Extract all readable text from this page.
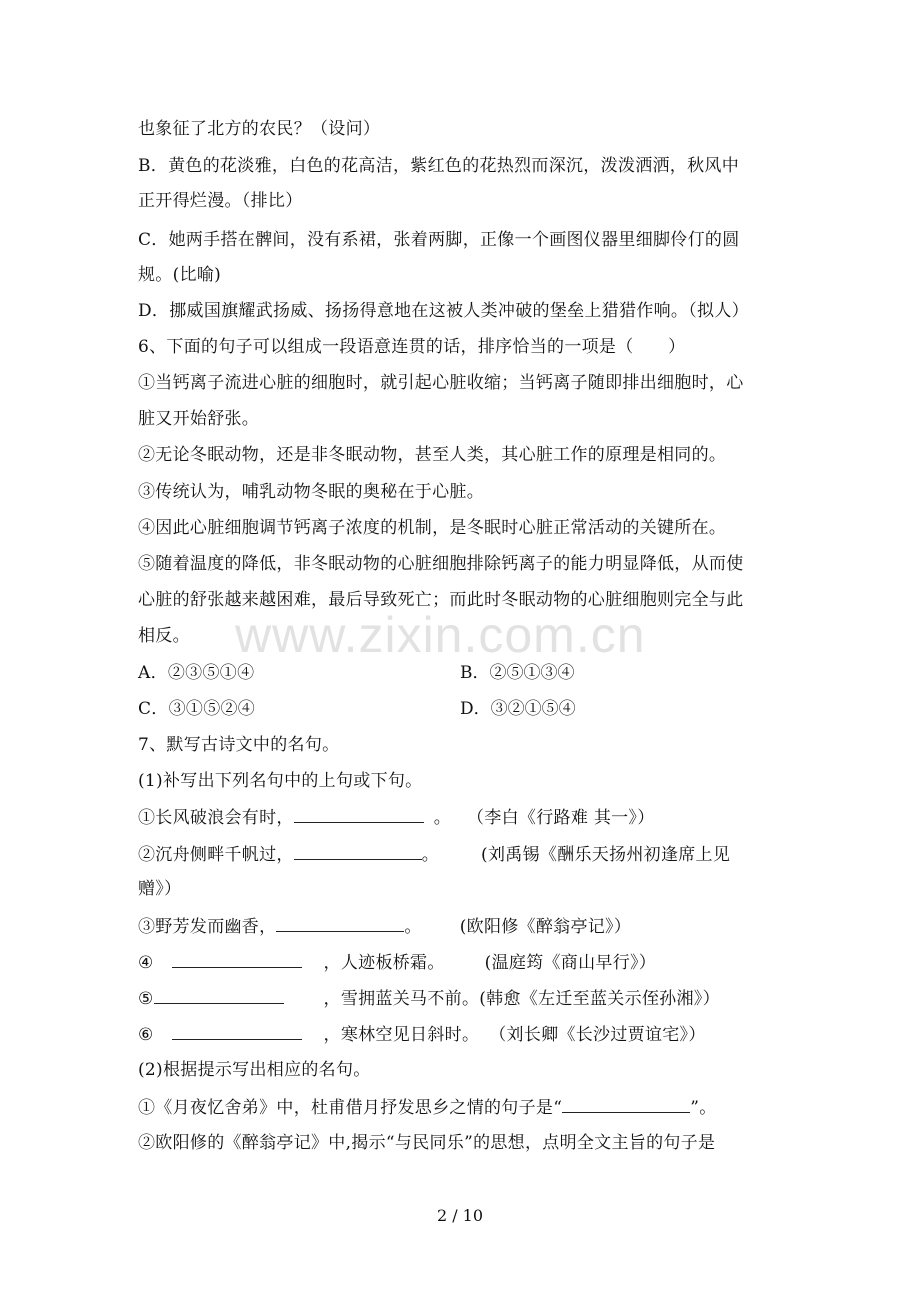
也象征了北方的农民？（设问）
B．黄色的花淡雅，白色的花高洁，紫红色的花热烈而深沉，泼泼洒洒，秋风中
正开得烂漫。（排比）
C．她两手搭在髀间，没有系裙，张着两脚，正像一个画图仪器里细脚伶仃的圆
规。(比喻)
D．挪威国旗耀武扬威、扬扬得意地在这被人类冲破的堡垒上猎猎作响。（拟人）
6、下面的句子可以组成一段语意连贯的话，排序恰当的一项是（　　）
①当钙离子流进心脏的细胞时，就引起心脏收缩；当钙离子随即排出细胞时，心
脏又开始舒张。
②无论冬眠动物，还是非冬眠动物，甚至人类，其心脏工作的原理是相同的。
③传统认为，哺乳动物冬眠的奥秘在于心脏。
④因此心脏细胞调节钙离子浓度的机制，是冬眠时心脏正常活动的关键所在。
⑤随着温度的降低，非冬眠动物的心脏细胞排除钙离子的能力明显降低，从而使
心脏的舒张越来越困难，最后导致死亡；而此时冬眠动物的心脏细胞则完全与此
相反。
A．②③⑤①④	B．②⑤①③④
C．③①⑤②④	D．③②①⑤④
7、默写古诗文中的名句。
(1)补写出下列名句中的上句或下句。
①长风破浪会有时，	。 （李白《行路难 其一》）
②沉舟侧畔千帆过，	。 (刘禹锡《酬乐天扬州初逢席上见
赠》）
③野芳发而幽香，	。 (欧阳修《醉翁亭记》）
④	，人迹板桥霜。 (温庭筠《商山早行》）
⑤	，雪拥蓝关马不前。(韩愈《左迁至蓝关示侄孙湘》）
⑥	，寒林空见日斜时。 （刘长卿《长沙过贾谊宅》）
(2)根据提示写出相应的名句。
①《月夜忆舍弟》中，杜甫借月抒发思乡之情的句子是“	”。
②欧阳修的《醉翁亭记》中,揭示“与民同乐”的思想，点明全文主旨的句子是
www.zixin.com.cn
2 / 10
